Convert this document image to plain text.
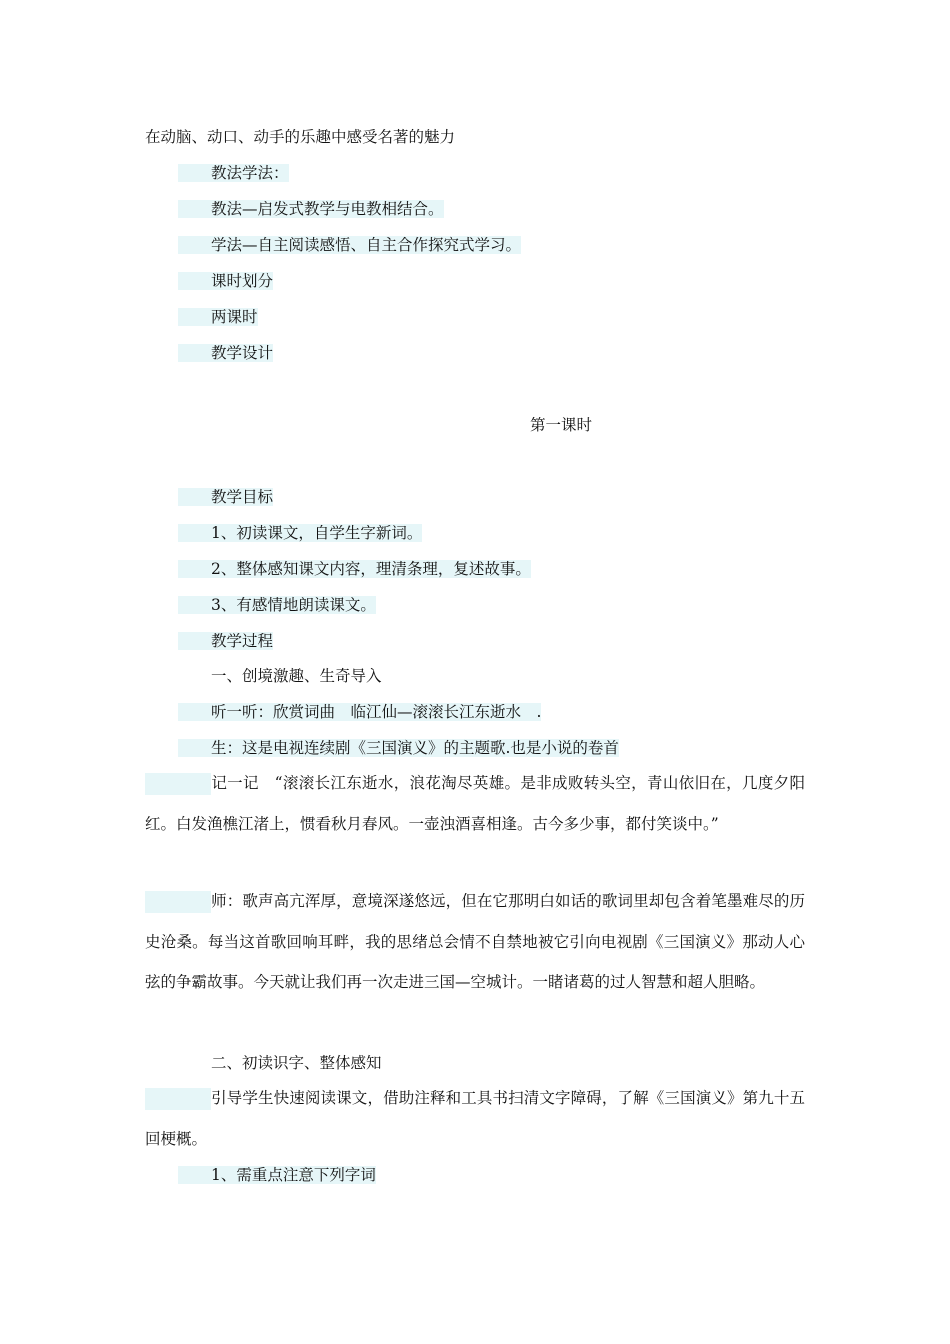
在动脑、动口、动手的乐趣中感受名著的魅力
教法学法：
教法—启发式教学与电教相结合。
学法—自主阅读感悟、自主合作探究式学习。
课时划分
两课时
教学设计
第一课时
教学目标
1、初读课文，自学生字新词。
2、整体感知课文内容，理清条理，复述故事。
3、有感情地朗读课文。
教学过程
一、创境激趣、生奇导入
听一听：欣赏词曲　临江仙—滚滚长江东逝水　.
生：这是电视连续剧《三国演义》的主题歌.也是小说的卷首
记一记　“滚滚长江东逝水，浪花淘尽英雄。是非成败转头空，青山依旧在，几度夕阳红。白发渔樵江渚上，惯看秋月春风。一壶浊酒喜相逢。古今多少事，都付笑谈中。”
师：歌声高亢浑厚，意境深遂悠远，但在它那明白如话的歌词里却包含着笔墨难尽的历史沧桑。每当这首歌回响耳畔，我的思绪总会情不自禁地被它引向电视剧《三国演义》那动人心弦的争霸故事。今天就让我们再一次走进三国—空城计。一睹诸葛的过人智慧和超人胆略。
二、初读识字、整体感知
引导学生快速阅读课文，借助注释和工具书扫清文字障碍，了解《三国演义》第九十五回梗概。
1、需重点注意下列字词
